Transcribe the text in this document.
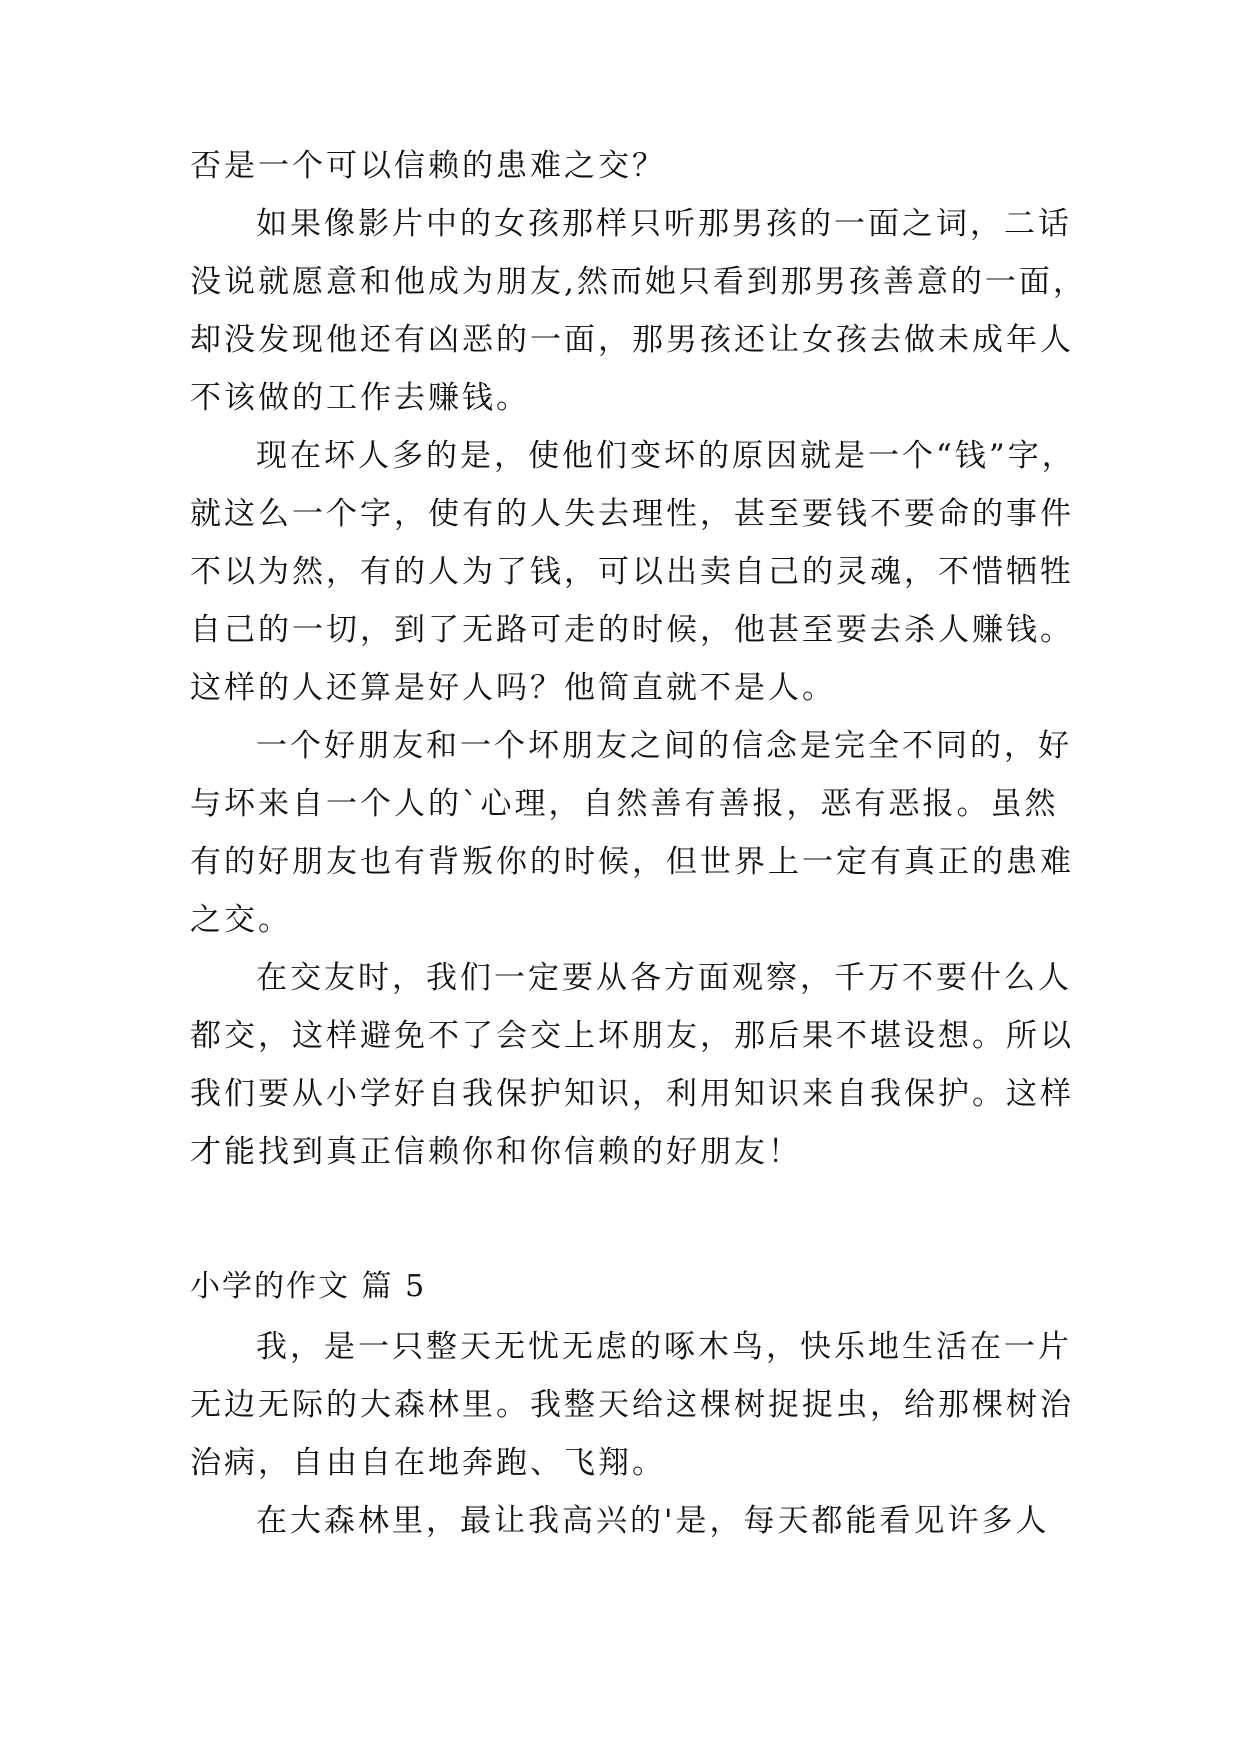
否是一个可以信赖的患难之交？
如果像影片中的女孩那样只听那男孩的一面之词，二话
没说就愿意和他成为朋友,然而她只看到那男孩善意的一面，
却没发现他还有凶恶的一面，那男孩还让女孩去做未成年人
不该做的工作去赚钱。
现在坏人多的是，使他们变坏的原因就是一个“钱”字，
就这么一个字，使有的人失去理性，甚至要钱不要命的事件
不以为然，有的人为了钱，可以出卖自己的灵魂，不惜牺牲
自己的一切，到了无路可走的时候，他甚至要去杀人赚钱。
这样的人还算是好人吗？他简直就不是人。
一个好朋友和一个坏朋友之间的信念是完全不同的，好
与坏来自一个人的`心理，自然善有善报，恶有恶报。虽然
有的好朋友也有背叛你的时候，但世界上一定有真正的患难
之交。
在交友时，我们一定要从各方面观察，千万不要什么人
都交，这样避免不了会交上坏朋友，那后果不堪设想。所以
我们要从小学好自我保护知识，利用知识来自我保护。这样
才能找到真正信赖你和你信赖的好朋友！
小学的作文 篇 5
我，是一只整天无忧无虑的啄木鸟，快乐地生活在一片
无边无际的大森林里。我整天给这棵树捉捉虫，给那棵树治
治病，自由自在地奔跑、飞翔。
在大森林里，最让我高兴的'是，每天都能看见许多人
